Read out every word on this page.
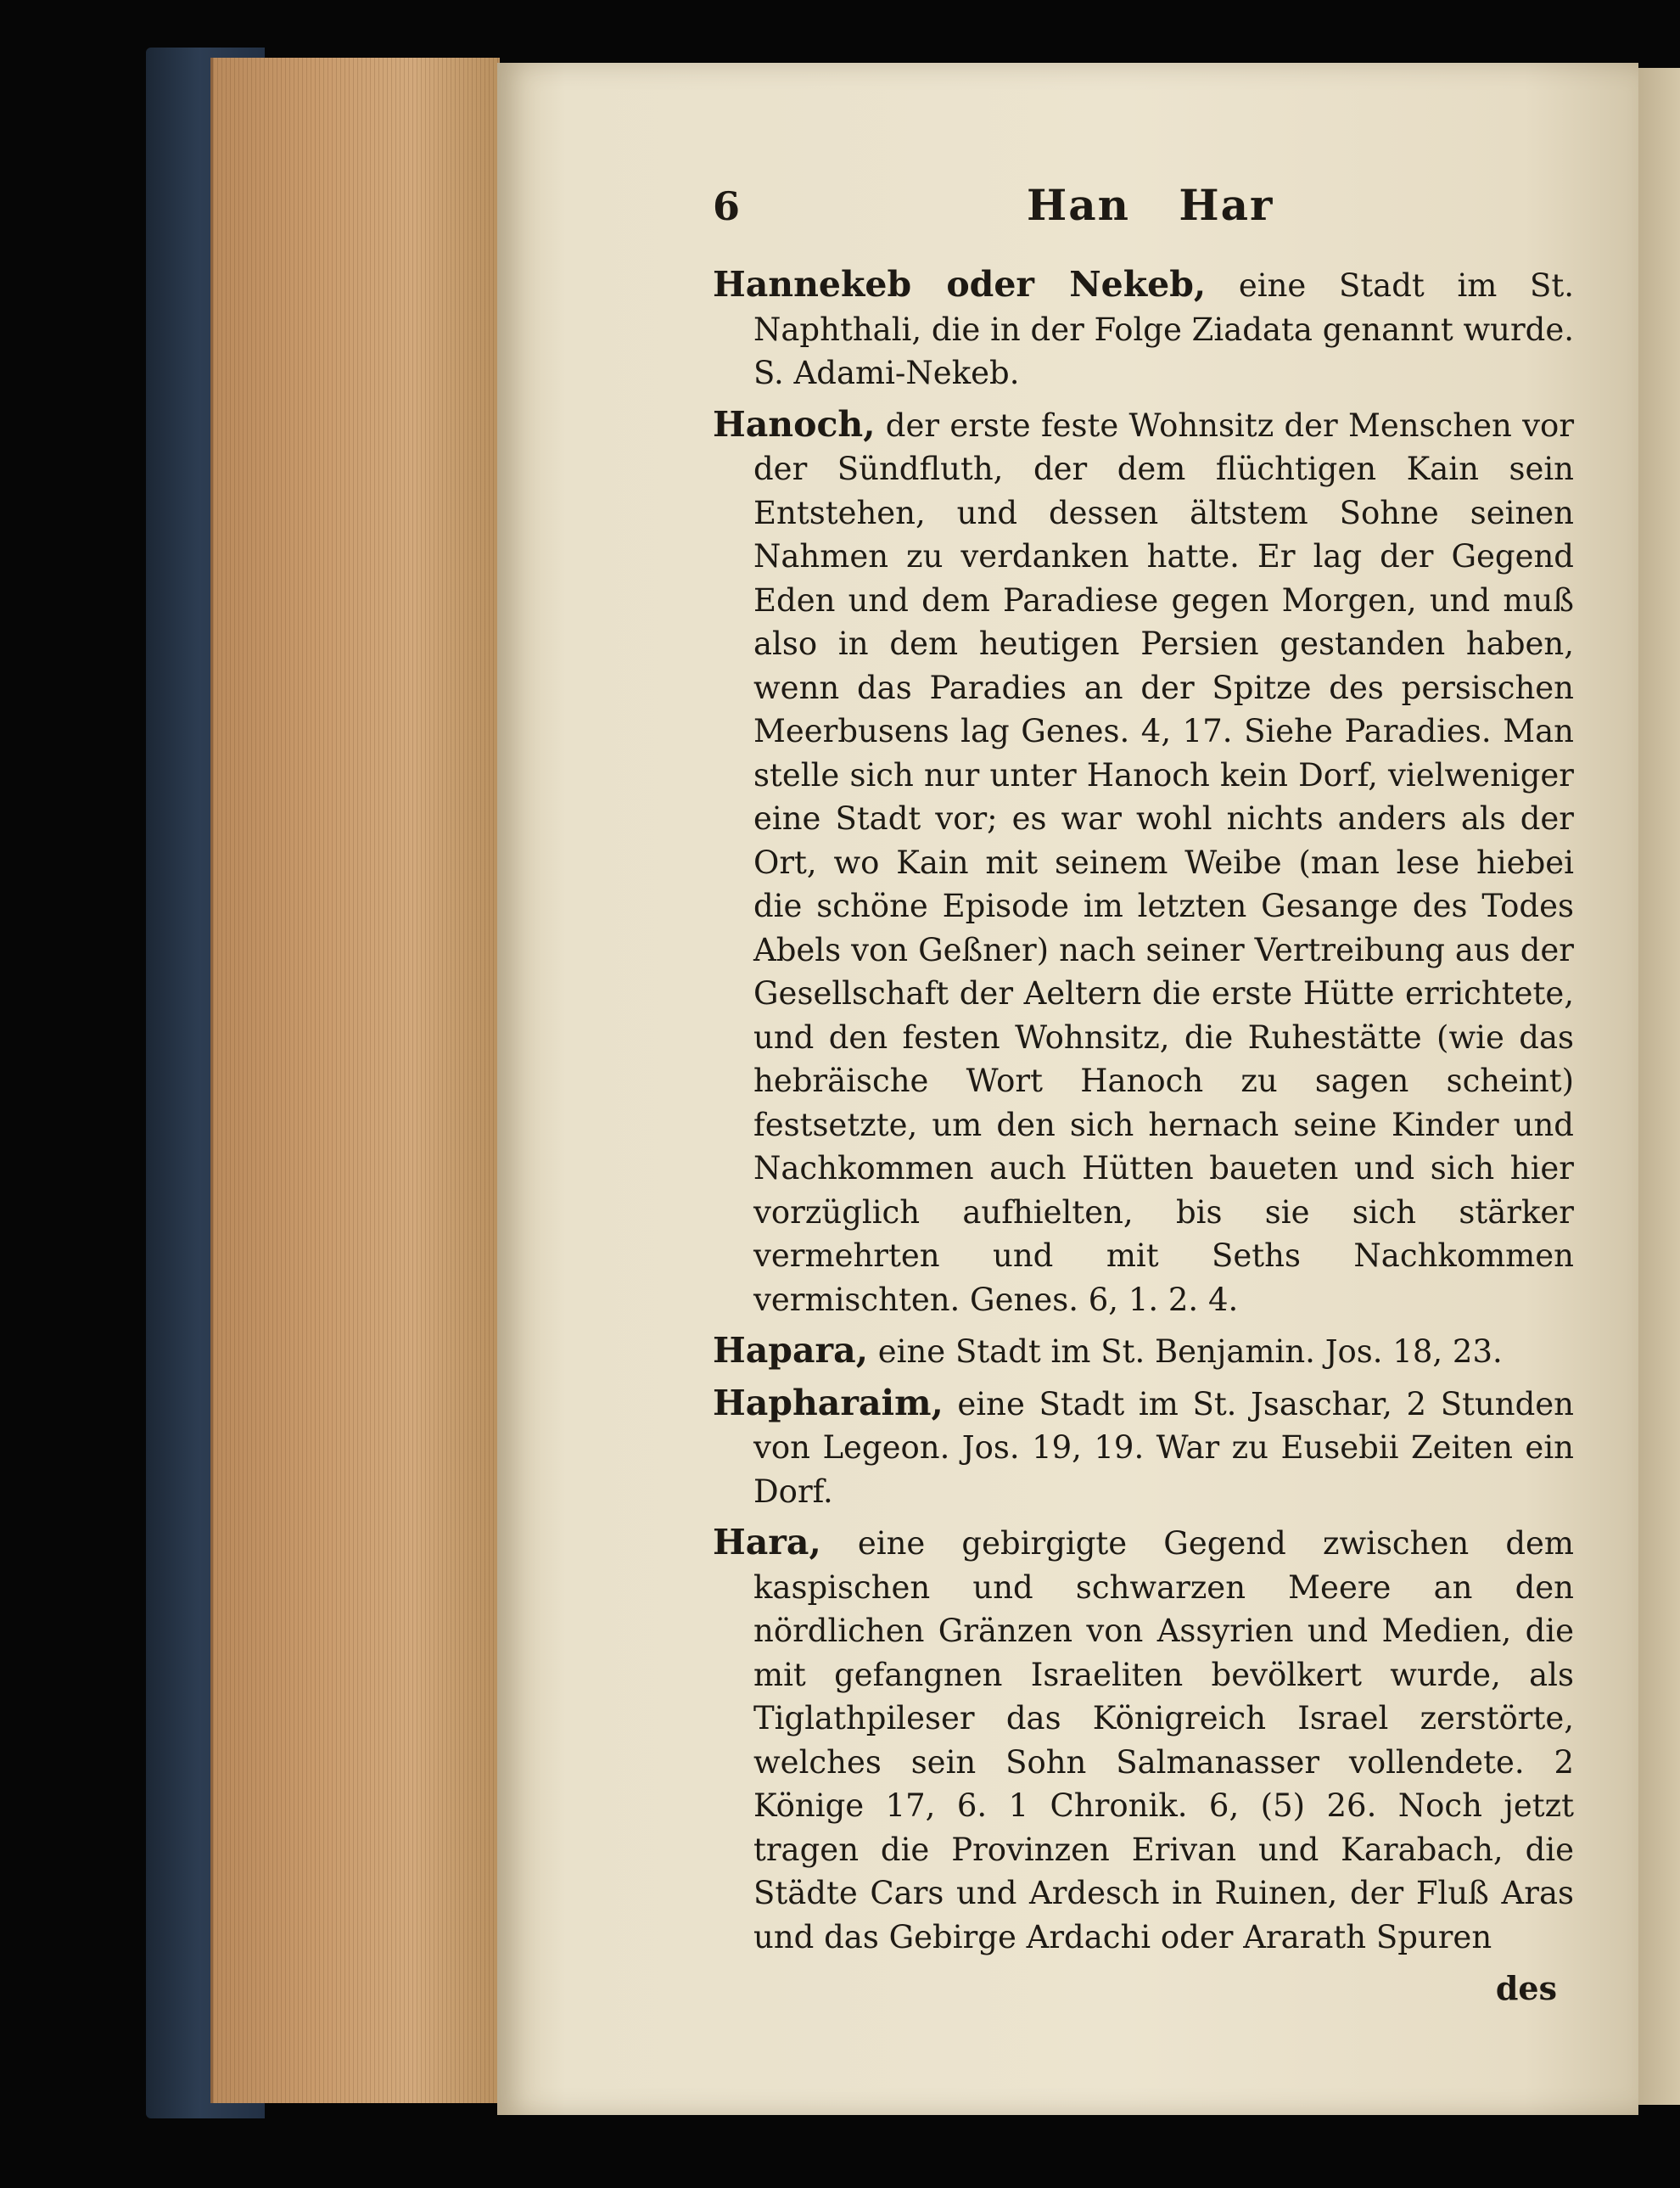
6	Han Har

Hannekeb oder Nekeb, eine Stadt im St. Naphthali, die in der Folge Ziadata genannt wurde. S. Adami-Nekeb.

Hanoch, der erste feste Wohnsitz der Menschen vor der Sündfluth, der dem flüchtigen Kain sein Entstehen, und dessen ältstem Sohne seinen Nahmen zu verdanken hatte. Er lag der Gegend Eden und dem Paradiese gegen Morgen, und muß also in dem heutigen Persien gestanden haben, wenn das Paradies an der Spitze des persischen Meerbusens lag Genes. 4, 17. Siehe Paradies. Man stelle sich nur unter Hanoch kein Dorf, vielweniger eine Stadt vor; es war wohl nichts anders als der Ort, wo Kain mit seinem Weibe (man lese hiebei die schöne Episode im letzten Gesange des Todes Abels von Geßner) nach seiner Vertreibung aus der Gesellschaft der Aeltern die erste Hütte errichtete, und den festen Wohnsitz, die Ruhestätte (wie das hebräische Wort Hanoch zu sagen scheint) festsetzte, um den sich hernach seine Kinder und Nachkommen auch Hütten baueten und sich hier vorzüglich aufhielten, bis sie sich stärker vermehrten und mit Seths Nachkommen vermischten. Genes. 6, 1. 2. 4.

Hapara, eine Stadt im St. Benjamin. Jos. 18, 23.

Hapharaim, eine Stadt im St. Jsaschar, 2 Stunden von Legeon. Jos. 19, 19. War zu Eusebii Zeiten ein Dorf.

Hara, eine gebirgigte Gegend zwischen dem kaspischen und schwarzen Meere an den nördlichen Gränzen von Assyrien und Medien, die mit gefangnen Israeliten bevölkert wurde, als Tiglathpileser das Königreich Israel zerstörte, welches sein Sohn Salmanasser vollendete. 2 Könige 17, 6. 1 Chronik. 6, (5) 26. Noch jetzt tragen die Provinzen Erivan und Karabach, die Städte Cars und Ardesch in Ruinen, der Fluß Aras und das Gebirge Ardachi oder Ararath Spuren

des
